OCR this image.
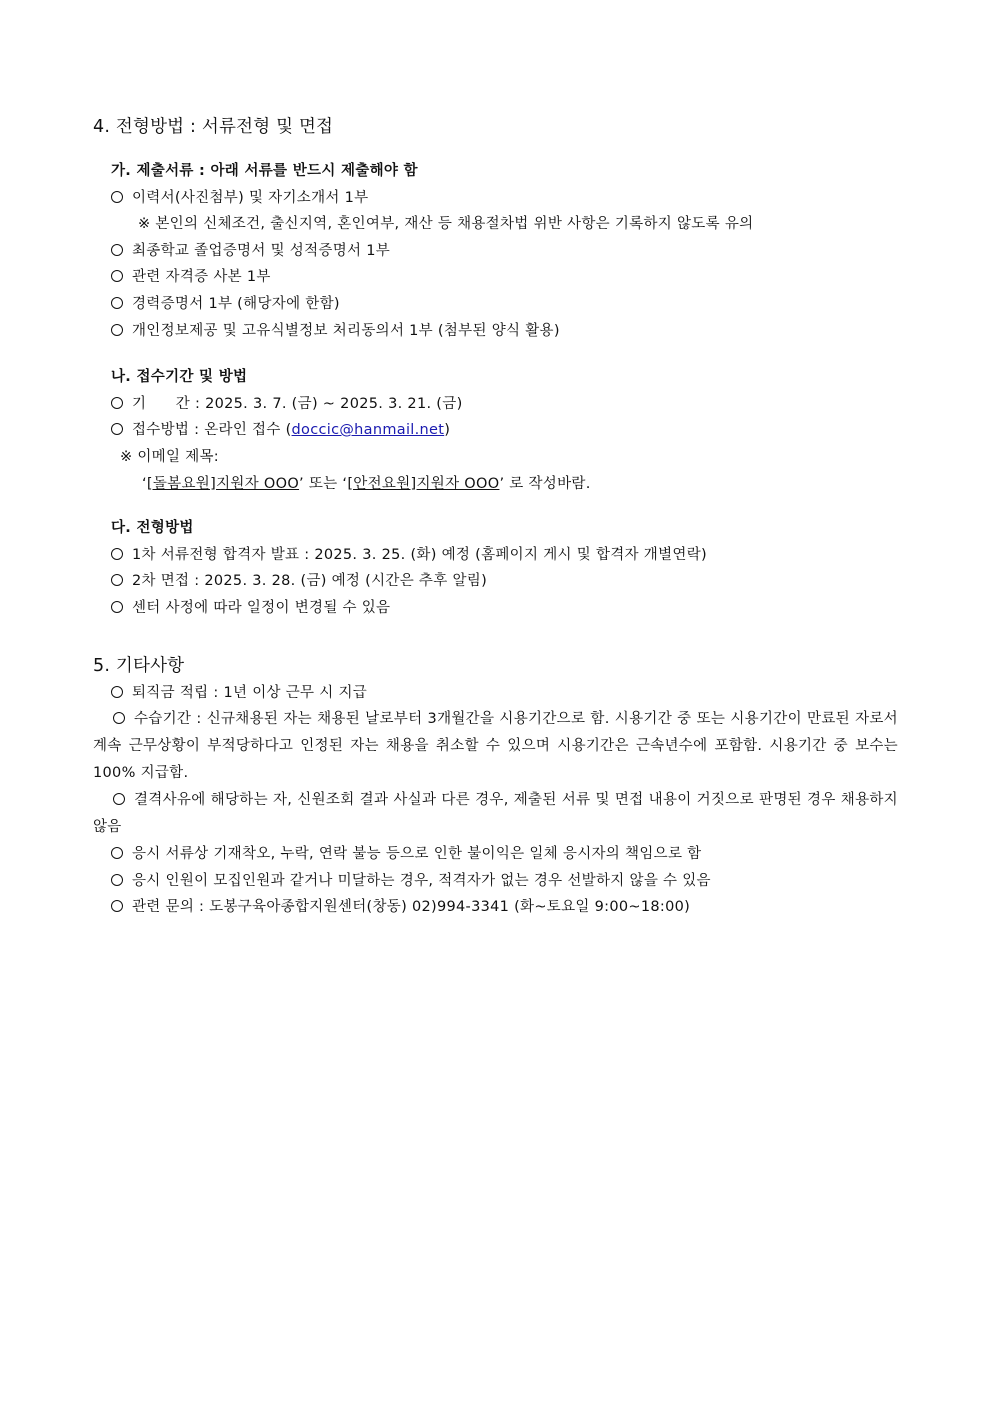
4. 전형방법 : 서류전형 및 면접
가. 제출서류 : 아래 서류를 반드시 제출해야 함
이력서(사진첨부) 및 자기소개서 1부
※ 본인의 신체조건, 출신지역, 혼인여부, 재산 등 채용절차법 위반 사항은 기록하지 않도록 유의
최종학교 졸업증명서 및 성적증명서 1부
관련 자격증 사본 1부
경력증명서 1부 (해당자에 한함)
개인정보제공 및 고유식별정보 처리동의서 1부 (첨부된 양식 활용)
나. 접수기간 및 방법
기      간 : 2025. 3. 7. (금) ~ 2025. 3. 21. (금)
접수방법 : 온라인 접수 (doccic@hanmail.net)
※ 이메일 제목:
‘[돌봄요원]지원자 OOO’ 또는 ‘[안전요원]지원자 OOO’ 로 작성바람.
다. 전형방법
1차 서류전형 합격자 발표 : 2025. 3. 25. (화) 예정 (홈페이지 게시 및 합격자 개별연락)
2차 면접 : 2025. 3. 28. (금) 예정 (시간은 추후 알림)
센터 사정에 따라 일정이 변경될 수 있음
5. 기타사항
퇴직금 적립 : 1년 이상 근무 시 지급
수습기간 : 신규채용된 자는 채용된 날로부터 3개월간을 시용기간으로 함. 시용기간 중 또는 시용기간이 만료된 자로서 계속 근무상황이 부적당하다고 인정된 자는 채용을 취소할 수 있으며 시용기간은 근속년수에 포함함. 시용기간 중 보수는 100% 지급함.
결격사유에 해당하는 자, 신원조회 결과 사실과 다른 경우, 제출된 서류 및 면접 내용이 거짓으로 판명된 경우 채용하지 않음
응시 서류상 기재착오, 누락, 연락 불능 등으로 인한 불이익은 일체 응시자의 책임으로 함
응시 인원이 모집인원과 같거나 미달하는 경우, 적격자가 없는 경우 선발하지 않을 수 있음
관련 문의 : 도봉구육아종합지원센터(창동) 02)994-3341 (화~토요일 9:00~18:00)
